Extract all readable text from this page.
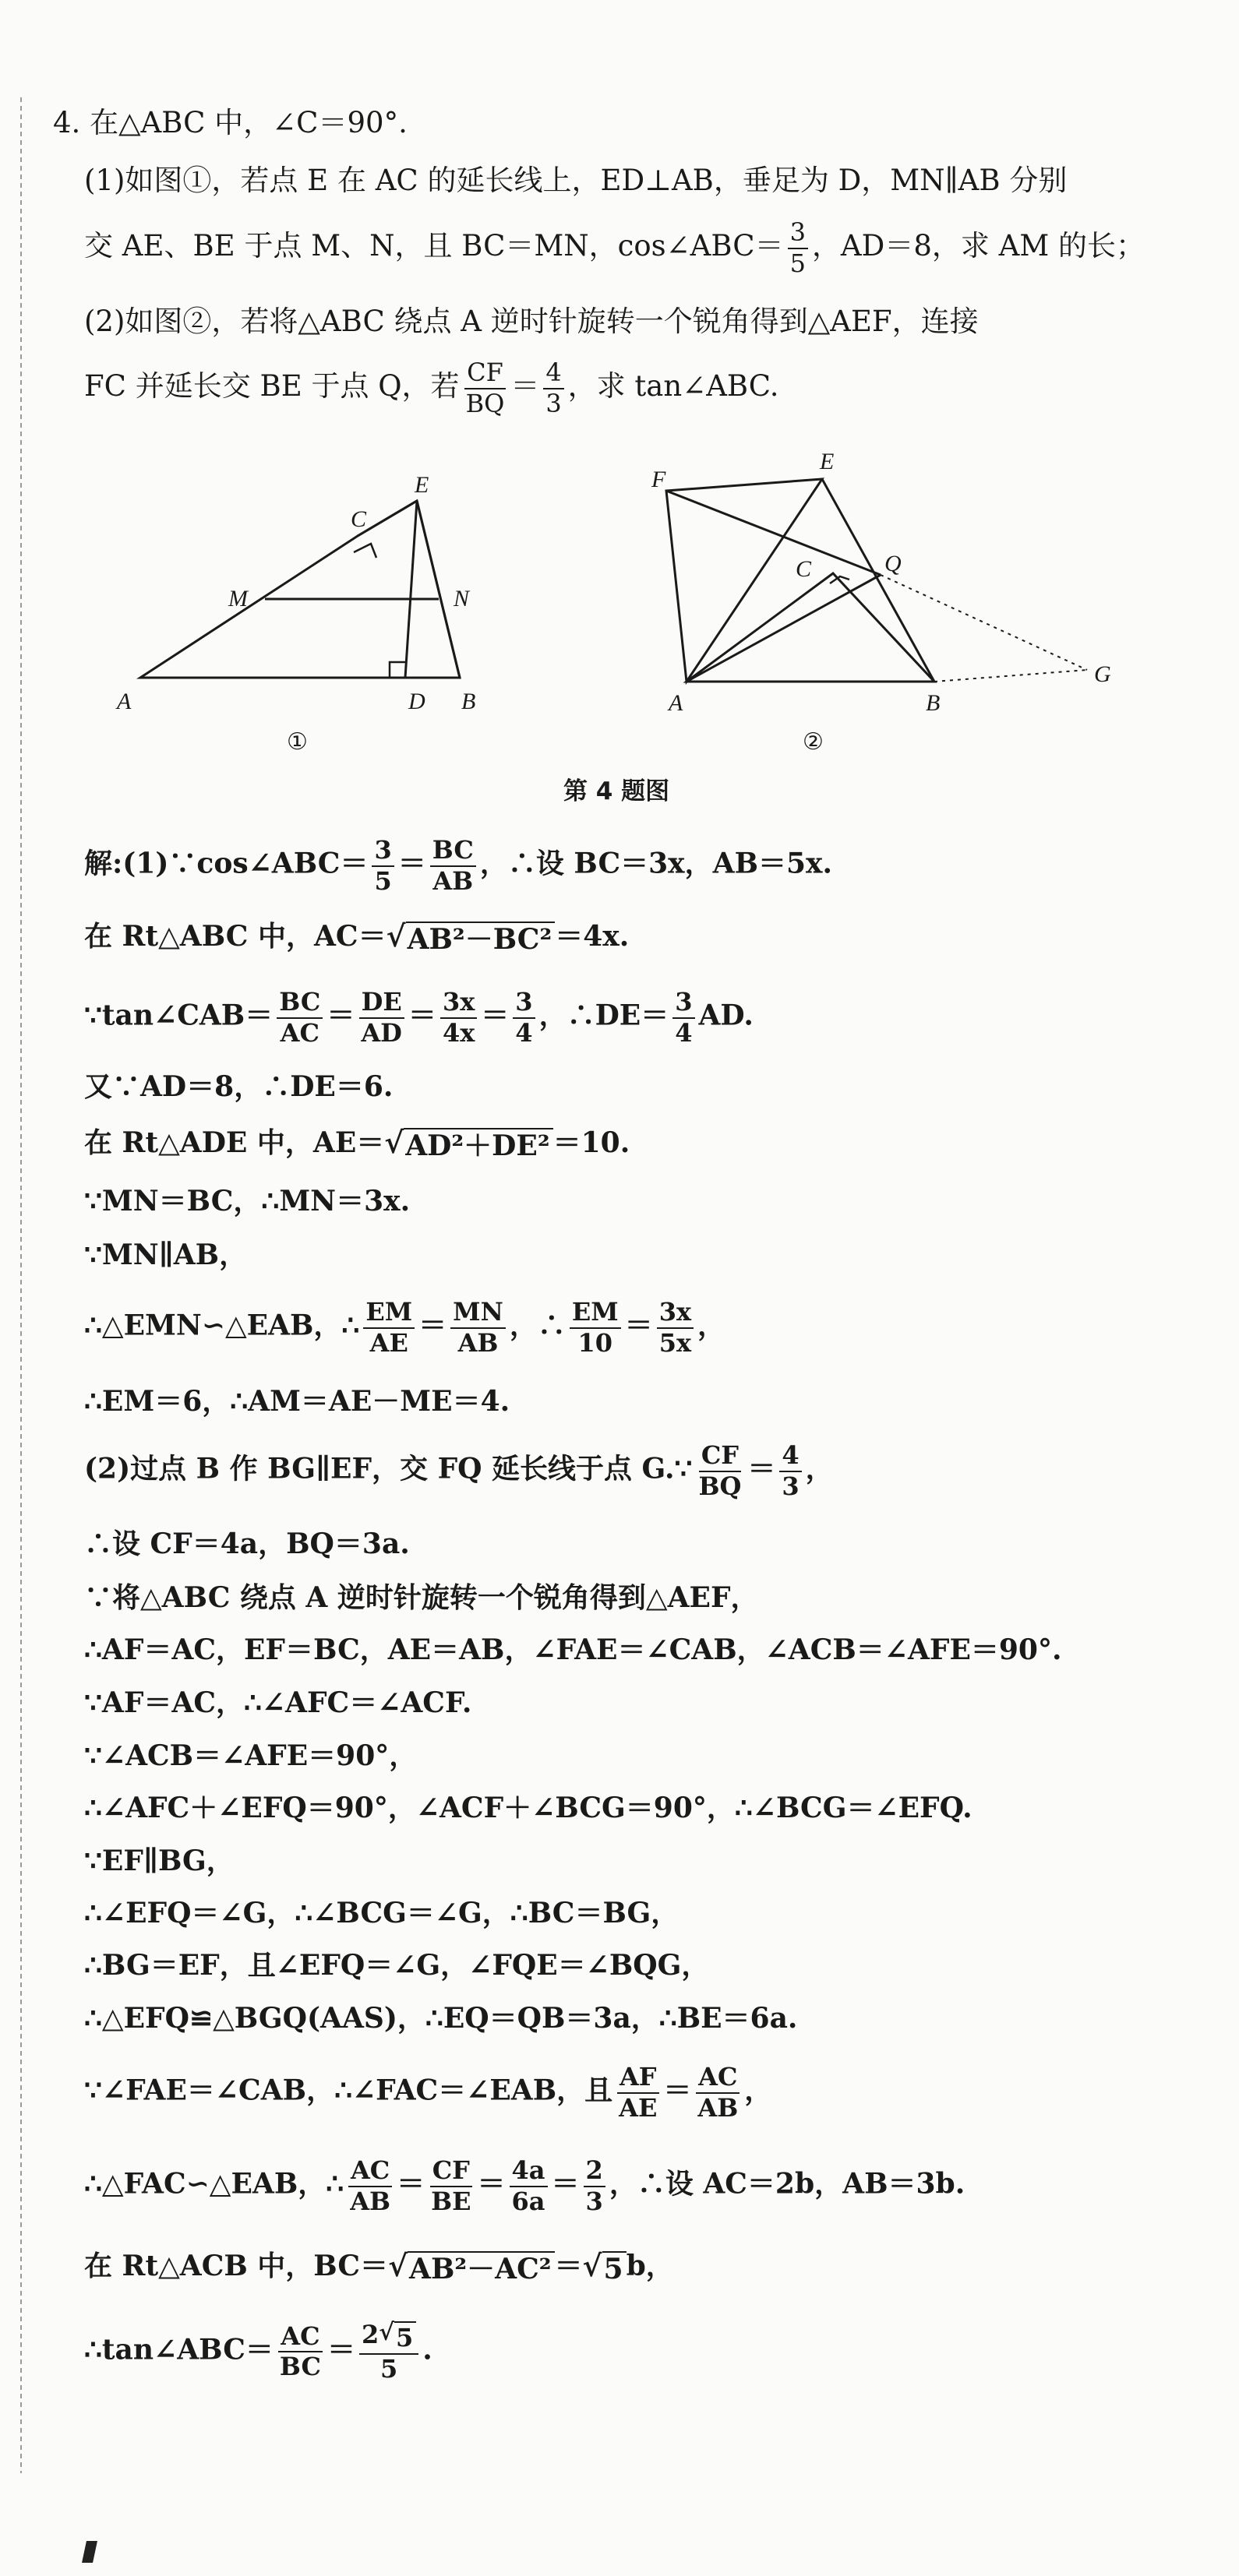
4. 在△ABC 中，∠C＝90°.
(1)如图①，若点 E 在 AC 的延长线上，ED⊥AB，垂足为 D，MN∥AB 分别
交 AE、BE 于点 M、N，且 BC＝MN，cos∠ABC＝ $\frac{3}{5}$ ，AD＝8，求 AM 的长；
(2)如图②，若将△ABC 绕点 A 逆时针旋转一个锐角得到△AEF，连接
FC 并延长交 BE 于点 Q，若 $\frac{CF}{BQ} = \frac{4}{3}$ ，求 tan∠ABC.
A	B
C
D
E
M	N
①
A	B
C
E
F
Q
G
②
第 4 题图
解:(1)∵cos∠ABC＝ $\frac{3}{5} = \frac{BC}{AB}$ ，∴设 BC＝3x，AB＝5x.
在 Rt△ABC 中，AC＝ √ AB²－BC² ＝4x.
∵tan∠CAB＝ $\frac{BC}{AC} = \frac{DE}{AD} = \frac{3x}{4x} = \frac{3}{4}$ ，∴DE＝ $\frac{3}{4}$ AD.
又∵AD＝8，∴DE＝6.
在 Rt△ADE 中，AE＝ √ AD²＋DE² ＝10.
∵MN＝BC，∴MN＝3x.
∵MN∥AB，
∴△EMN∽△EAB，∴ $\frac{EM}{AE} = \frac{MN}{AB}$ ，∴ $\frac{EM}{10} = \frac{3x}{5x}$ ，
∴EM＝6，∴AM＝AE－ME＝4.
(2)过点 B 作 BG∥EF，交 FQ 延长线于点 G.∵ $\frac{CF}{BQ} = \frac{4}{3}$ ，
∴设 CF＝4a，BQ＝3a.
∵将△ABC 绕点 A 逆时针旋转一个锐角得到△AEF，
∴AF＝AC，EF＝BC，AE＝AB，∠FAE＝∠CAB，∠ACB＝∠AFE＝90°.
∵AF＝AC，∴∠AFC＝∠ACF.
∵∠ACB＝∠AFE＝90°，
∴∠AFC＋∠EFQ＝90°，∠ACF＋∠BCG＝90°，∴∠BCG＝∠EFQ.
∵EF∥BG，
∴∠EFQ＝∠G，∴∠BCG＝∠G，∴BC＝BG，
∴BG＝EF，且∠EFQ＝∠G，∠FQE＝∠BQG，
∴△EFQ≌△BGQ(AAS)，∴EQ＝QB＝3a，∴BE＝6a.
∵∠FAE＝∠CAB，∴∠FAC＝∠EAB，且 $\frac{AF}{AE} = \frac{AC}{AB}$ ，
∴△FAC∽△EAB，∴ $\frac{AC}{AB} = \frac{CF}{BE} = \frac{4a}{6a} = \frac{2}{3}$ ，∴设 AC＝2b，AB＝3b.
在 Rt△ACB 中，BC＝ √ AB²－AC² ＝ √ 5 b，
∴tan∠ABC＝ $\frac{AC}{BC} = \frac{2 √ 5}{5}$ .
